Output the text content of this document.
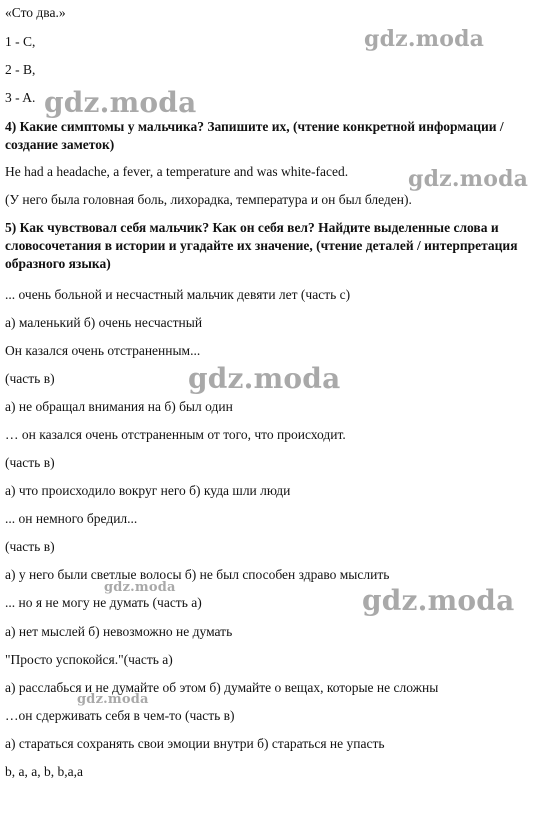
«Сто два.»
1 - C,
2 - B,
3 - A.
4) Какие симптомы у мальчика? Запишите их, (чтение конкретной информации / создание заметок)
He had a headache, a fever, a temperature and was white-faced.
(У него была головная боль, лихорадка, температура и он был бледен).
5) Как чувствовал себя мальчик? Как он себя вел? Найдите выделенные слова и словосочетания в истории и угадайте их значение, (чтение деталей / интерпретация образного языка)
... очень больной и несчастный мальчик девяти лет (часть с)
а) маленький б) очень несчастный
Он казался очень отстраненным...
(часть в)
а) не обращал внимания на б) был один
… он казался очень отстраненным от того, что происходит.
(часть в)
а) что происходило вокруг него б) куда шли люди
... он немного бредил...
(часть в)
а) у него были светлые волосы б) не был способен здраво мыслить
... но я не могу не думать (часть а)
а) нет мыслей б) невозможно не думать
"Просто успокойся."(часть а)
а) расслабься и не думайте об этом б) думайте о вещах, которые не сложны
…он сдерживать себя в чем-то (часть в)
а) стараться сохранять свои эмоции внутри б) стараться не упасть
b, a, a, b, b,a,a
gdz.moda
gdz.moda
gdz.moda
gdz.moda
gdz.moda	gdz.moda
gdz.moda
